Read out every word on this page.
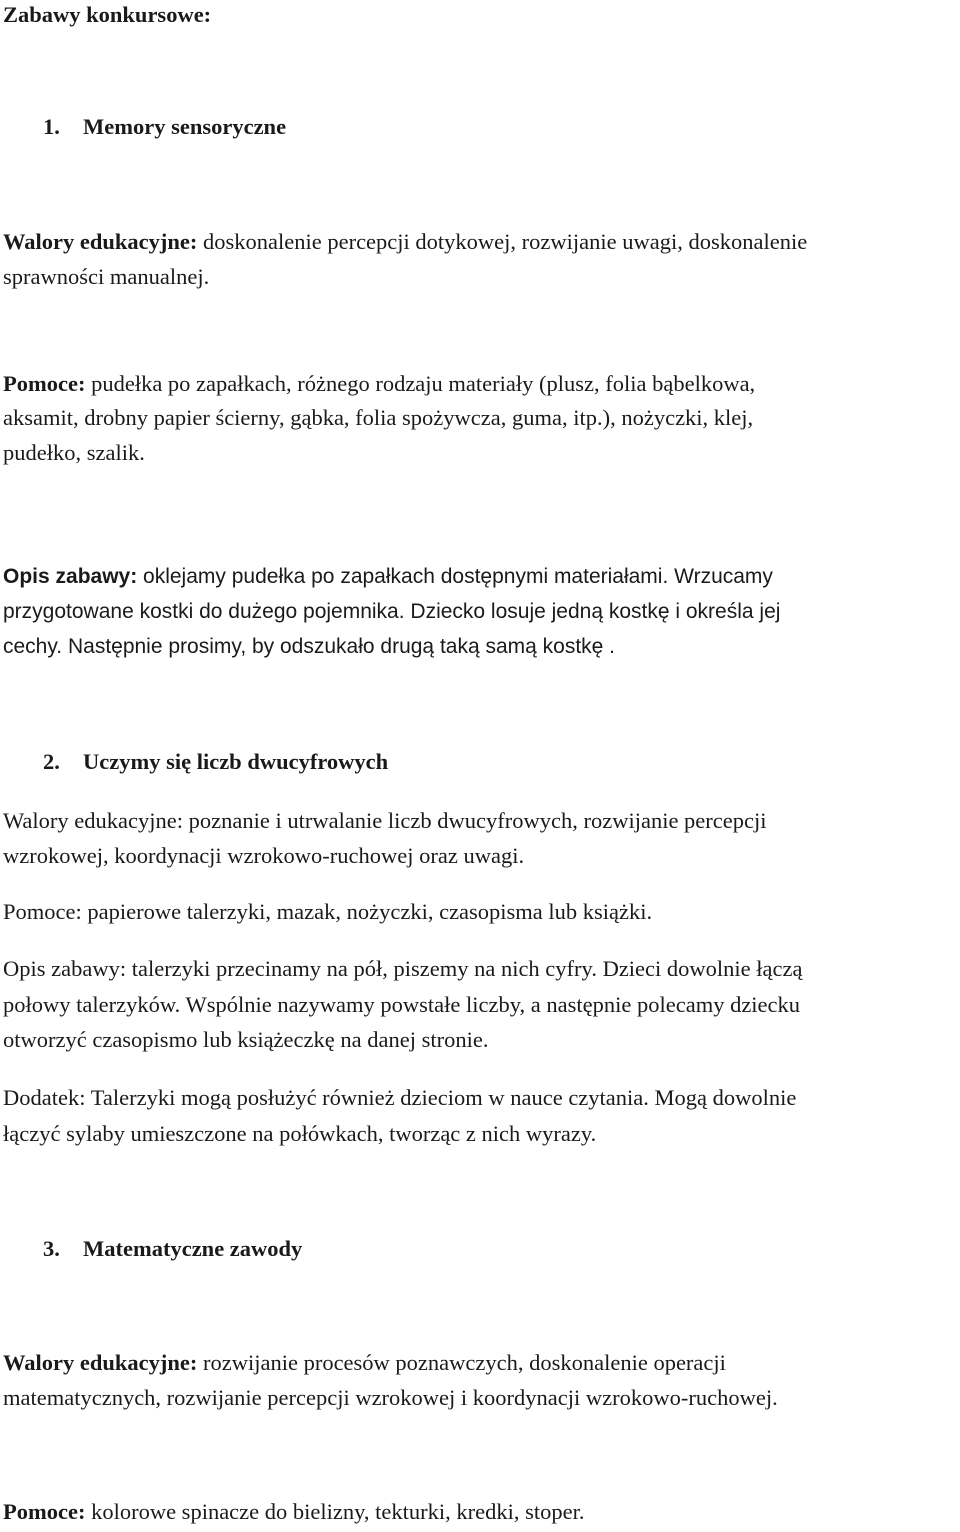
Zabawy konkursowe:
1. Memory sensoryczne
Walory edukacyjne: doskonalenie percepcji dotykowej, rozwijanie uwagi, doskonalenie
sprawności manualnej.
Pomoce: pudełka po zapałkach, różnego rodzaju materiały (plusz, folia bąbelkowa,
aksamit, drobny papier ścierny, gąbka, folia spożywcza, guma, itp.), nożyczki, klej,
pudełko, szalik.
Opis zabawy: oklejamy pudełka po zapałkach dostępnymi materiałami. Wrzucamy
przygotowane kostki do dużego pojemnika. Dziecko losuje jedną kostkę i określa jej
cechy. Następnie prosimy, by odszukało drugą taką samą kostkę .
2. Uczymy się liczb dwucyfrowych
Walory edukacyjne: poznanie i utrwalanie liczb dwucyfrowych, rozwijanie percepcji
wzrokowej, koordynacji wzrokowo-ruchowej oraz uwagi.
Pomoce: papierowe talerzyki, mazak, nożyczki, czasopisma lub książki.
Opis zabawy: talerzyki przecinamy na pół, piszemy na nich cyfry. Dzieci dowolnie łączą
połowy talerzyków. Wspólnie nazywamy powstałe liczby, a następnie polecamy dziecku
otworzyć czasopismo lub książeczkę na danej stronie.
Dodatek: Talerzyki mogą posłużyć również dzieciom w nauce czytania. Mogą dowolnie
łączyć sylaby umieszczone na połówkach, tworząc z nich wyrazy.
3. Matematyczne zawody
Walory edukacyjne: rozwijanie procesów poznawczych, doskonalenie operacji
matematycznych, rozwijanie percepcji wzrokowej i koordynacji wzrokowo-ruchowej.
Pomoce: kolorowe spinacze do bielizny, tekturki, kredki, stoper.
